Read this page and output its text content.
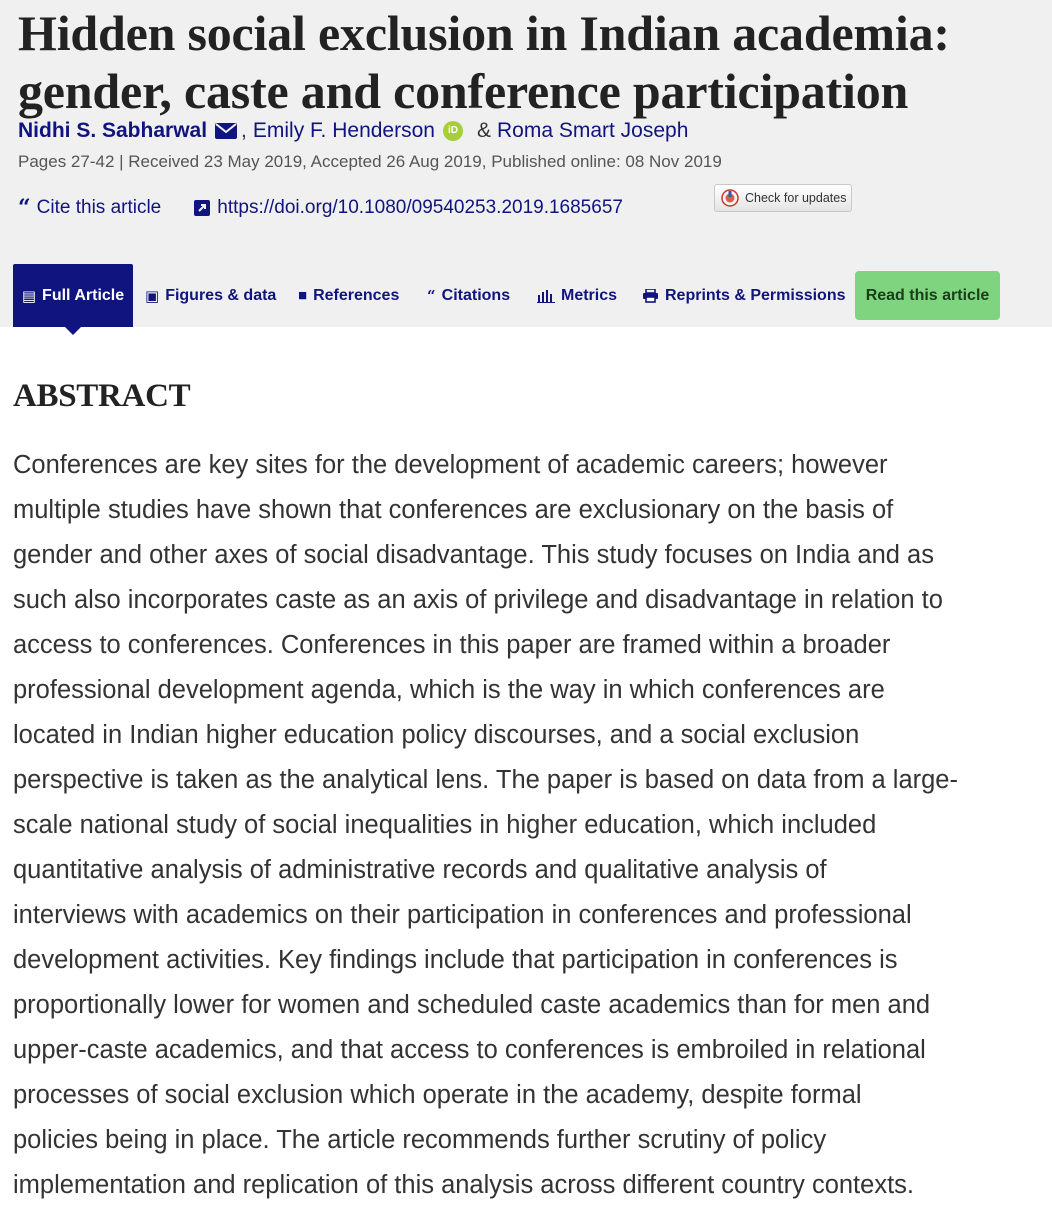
Hidden social exclusion in Indian academia:
gender, caste and conference participation
Nidhi S. Sabharwal , Emily F. Henderson	iD & Roma Smart Joseph
Pages 27-42 | Received 23 May 2019, Accepted 26 Aug 2019, Published online: 08 Nov 2019
“ Cite this article	https://doi.org/10.1080/09540253.2019.1685657	Check for updates
▤ Full Article ▣ Figures & data ■ References “ Citations	Metrics	Reprints & Permissions	Read this article
ABSTRACT
Conferences are key sites for the development of academic careers; however
multiple studies have shown that conferences are exclusionary on the basis of
gender and other axes of social disadvantage. This study focuses on India and as
such also incorporates caste as an axis of privilege and disadvantage in relation to
access to conferences. Conferences in this paper are framed within a broader
professional development agenda, which is the way in which conferences are
located in Indian higher education policy discourses, and a social exclusion
perspective is taken as the analytical lens. The paper is based on data from a large-
scale national study of social inequalities in higher education, which included
quantitative analysis of administrative records and qualitative analysis of
interviews with academics on their participation in conferences and professional
development activities. Key findings include that participation in conferences is
proportionally lower for women and scheduled caste academics than for men and
upper-caste academics, and that access to conferences is embroiled in relational
processes of social exclusion which operate in the academy, despite formal
policies being in place. The article recommends further scrutiny of policy
implementation and replication of this analysis across different country contexts.
